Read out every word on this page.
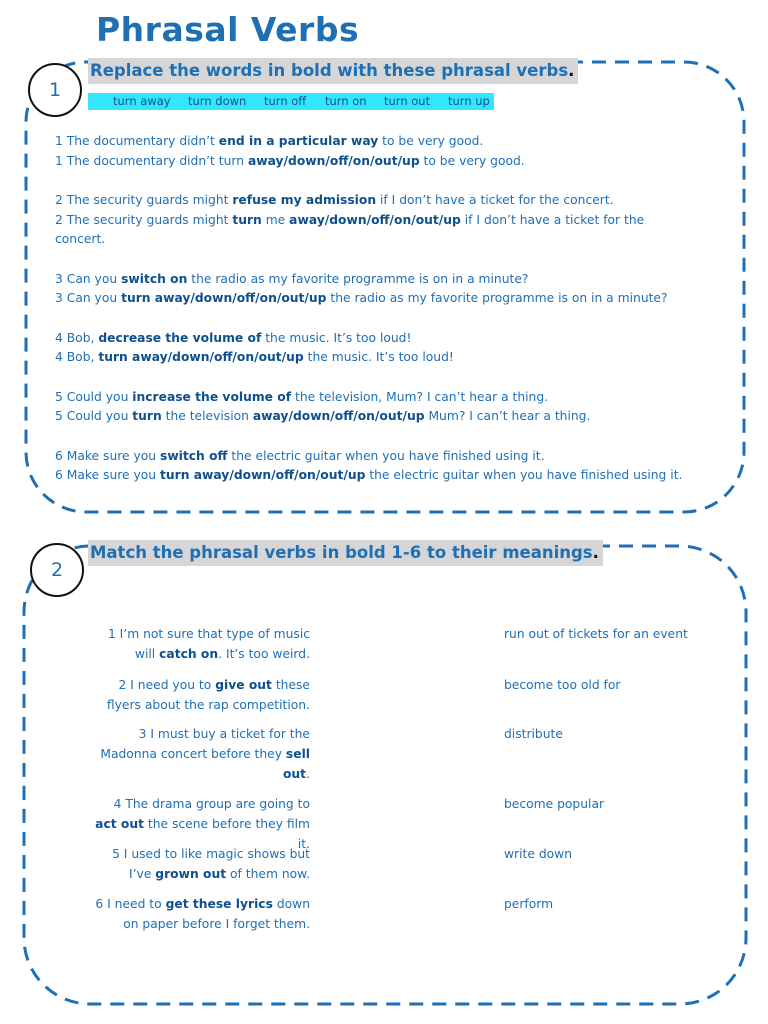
Phrasal Verbs
1
Replace the words in bold with these phrasal verbs.
turn away turn down turn off turn on turn out turn up
1 The documentary didn’t end in a particular way to be very good.
1 The documentary didn’t turn away/down/off/on/out/up to be very good.
2 The security guards might refuse my admission if I don’t have a ticket for the concert.
2 The security guards might turn me away/down/off/on/out/up if I don’t have a ticket for the concert.
3 Can you switch on the radio as my favorite programme is on in a minute?
3 Can you turn away/down/off/on/out/up the radio as my favorite programme is on in a minute?
4 Bob, decrease the volume of the music. It’s too loud!
4 Bob, turn away/down/off/on/out/up the music. It’s too loud!
5 Could you increase the volume of the television, Mum? I can’t hear a thing.
5 Could you turn the television away/down/off/on/out/up Mum? I can’t hear a thing.
6 Make sure you switch off the electric guitar when you have finished using it.
6 Make sure you turn away/down/off/on/out/up the electric guitar when you have finished using it.
2
Match the phrasal verbs in bold 1-6 to their meanings.
1 I’m not sure that type of music will catch on. It’s too weird.
2 I need you to give out these flyers about the rap competition.
3 I must buy a ticket for the Madonna concert before they sell out.
4 The drama group are going to act out the scene before they film it.
5 I used to like magic shows but I’ve grown out of them now.
6 I need to get these lyrics down on paper before I forget them.
run out of tickets for an event
become too old for
distribute
become popular
write down
perform
